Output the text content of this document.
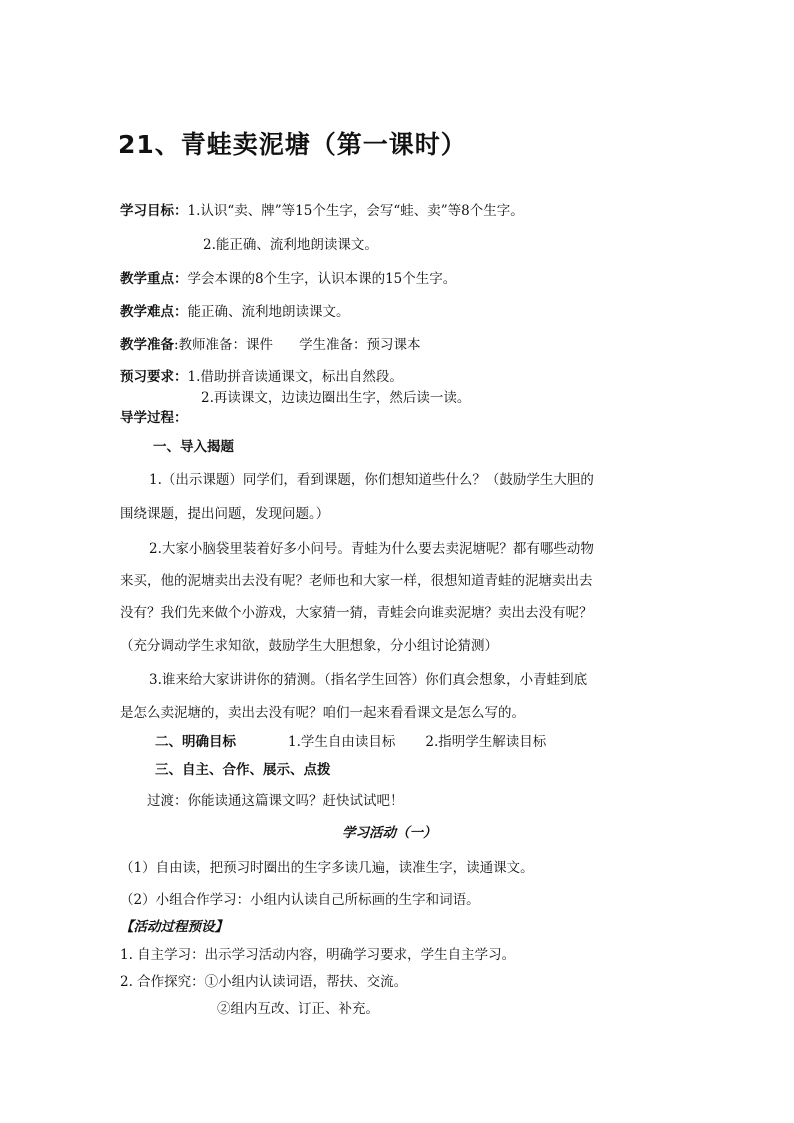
21、青蛙卖泥塘（第一课时）
学习目标：1.认识“卖、牌”等15个生字，会写“蛙、卖”等8个生字。
2.能正确、流利地朗读课文。
教学重点：学会本课的8个生字，认识本课的15个生字。
教学难点：能正确、流利地朗读课文。
教学准备:教师准备：课件 学生准备：预习课本
预习要求：1.借助拼音读通课文，标出自然段。
2.再读课文，边读边圈出生字，然后读一读。
导学过程：
一、导入揭题
1.（出示课题）同学们，看到课题，你们想知道些什么？（鼓励学生大胆的
围绕课题，提出问题，发现问题。）
2.大家小脑袋里装着好多小问号。青蛙为什么要去卖泥塘呢？都有哪些动物
来买，他的泥塘卖出去没有呢？老师也和大家一样，很想知道青蛙的泥塘卖出去
没有？我们先来做个小游戏，大家猜一猜，青蛙会向谁卖泥塘？卖出去没有呢？
（充分调动学生求知欲，鼓励学生大胆想象，分小组讨论猜测）
3.谁来给大家讲讲你的猜测。（指名学生回答）你们真会想象，小青蛙到底
是怎么卖泥塘的，卖出去没有呢？咱们一起来看看课文是怎么写的。
二、明确目标	1.学生自由读目标 2.指明学生解读目标
三、自主、合作、展示、点拨
过渡：你能读通这篇课文吗？赶快试试吧！
学习活动（一）
（1）自由读，把预习时圈出的生字多读几遍，读准生字，读通课文。
（2）小组合作学习：小组内认读自己所标画的生字和词语。
【活动过程预设】
1. 自主学习：出示学习活动内容，明确学习要求，学生自主学习。
2. 合作探究：①小组内认读词语，帮扶、交流。
②组内互改、订正、补充。
